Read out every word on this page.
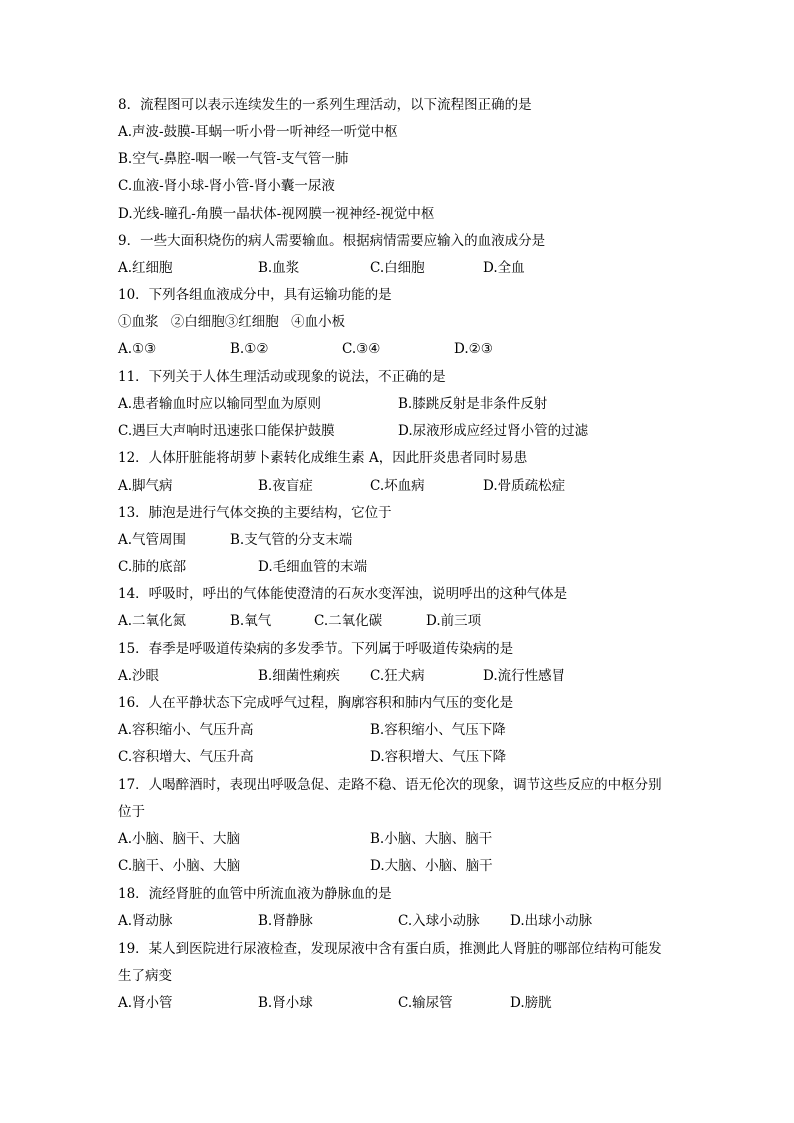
8．流程图可以表示连续发生的一系列生理活动，以下流程图正确的是
A.声波-鼓膜-耳蜗一听小骨一听神经一听觉中枢
B.空气-鼻腔-咽一喉一气管-支气管一肺
C.血液-肾小球-肾小管-肾小囊一尿液
D.光线-瞳孔-角膜一晶状体-视网膜一视神经-视觉中枢
9．一些大面积烧伤的病人需要输血。根据病情需要应输入的血液成分是
A.红细胞	B.血浆	C.白细胞	D.全血
10．下列各组血液成分中，具有运输功能的是
①血浆 ②白细胞③红细胞 ④血小板
A.①③	B.①②	C.③④	D.②③
11．下列关于人体生理活动或现象的说法，不正确的是
A.患者输血时应以输同型血为原则	B.膝跳反射是非条件反射
C.遇巨大声响时迅速张口能保护鼓膜	D.尿液形成应经过肾小管的过滤
12．人体肝脏能将胡萝卜素转化成维生素 A，因此肝炎患者同时易患
A.脚气病	B.夜盲症	C.坏血病	D.骨质疏松症
13．肺泡是进行气体交换的主要结构，它位于
A.气管周围	B.支气管的分支末端
C.肺的底部	D.毛细血管的末端
14．呼吸时，呼出的气体能使澄清的石灰水变浑浊，说明呼出的这种气体是
A.二氧化氮	B.氧气	C.二氧化碳	D.前三项
15．春季是呼吸道传染病的多发季节。下列属于呼吸道传染病的是
A.沙眼	B.细菌性痢疾 C.狂犬病	D.流行性感冒
16．人在平静状态下完成呼气过程，胸廓容积和肺内气压的变化是
A.容积缩小、气压升高	B.容积缩小、气压下降
C.容积增大、气压升高	D.容积增大、气压下降
17．人喝醉酒时，表现出呼吸急促、走路不稳、语无伦次的现象，调节这些反应的中枢分别
位于
A.小脑、脑干、大脑	B.小脑、大脑、脑干
C.脑干、小脑、大脑	D.大脑、小脑、脑干
18．流经肾脏的血管中所流血液为静脉血的是
A.肾动脉	B.肾静脉	C.入球小动脉 D.出球小动脉
19．某人到医院进行尿液检查，发现尿液中含有蛋白质，推测此人肾脏的哪部位结构可能发
生了病变
A.肾小管	B.肾小球	C.输尿管	D.膀胱
